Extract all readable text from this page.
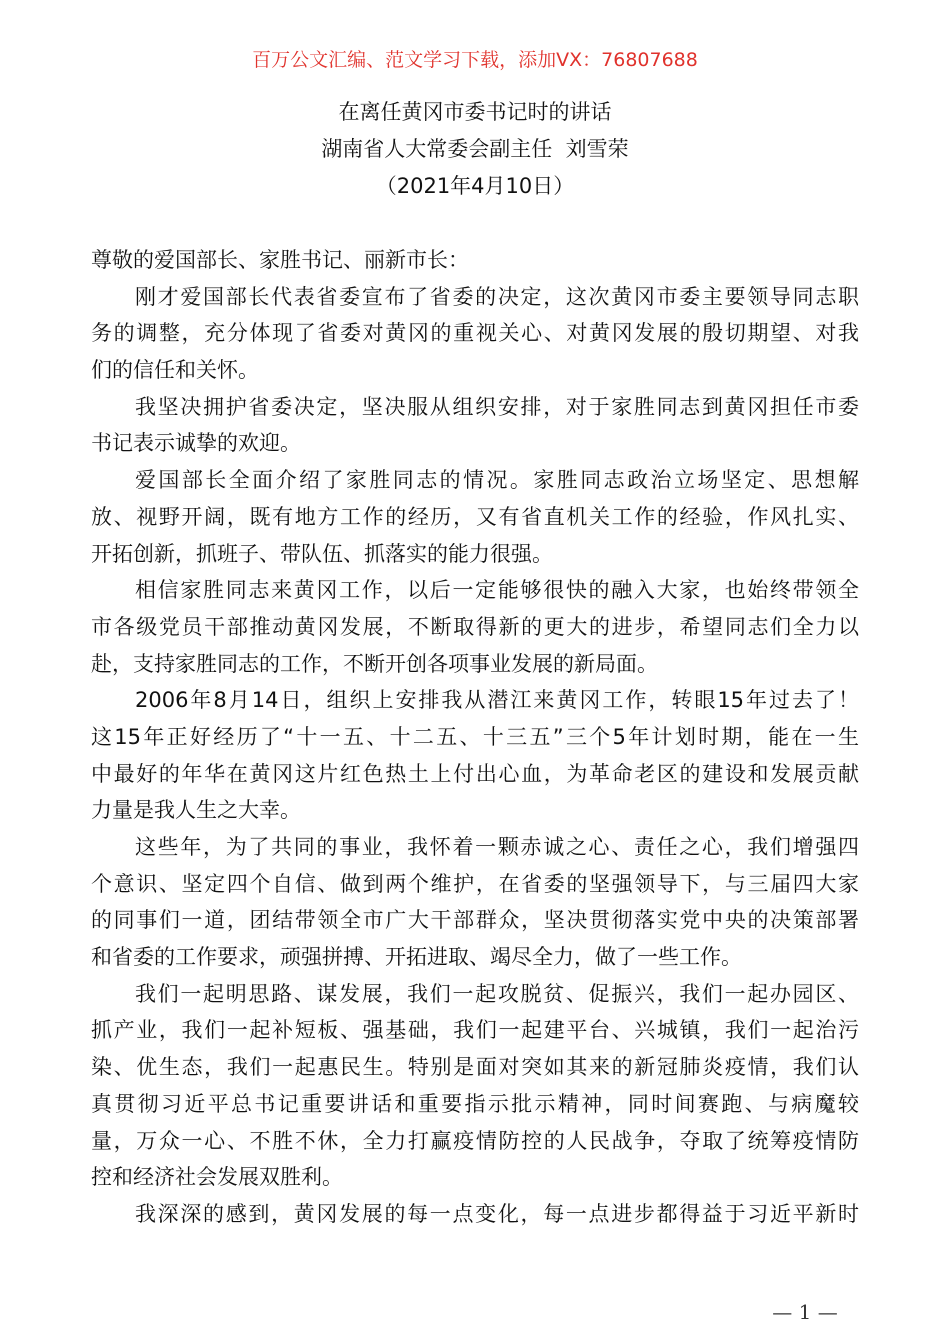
百万公文汇编、范文学习下载，添加VX：76807688
在离任黄冈市委书记时的讲话
湖南省人大常委会副主任  刘雪荣
（2021年4月10日）
尊敬的爱国部长、家胜书记、丽新市长：
刚才爱国部长代表省委宣布了省委的决定，这次黄冈市委主要领导同志职
务的调整，充分体现了省委对黄冈的重视关心、对黄冈发展的殷切期望、对我
们的信任和关怀。
我坚决拥护省委决定，坚决服从组织安排，对于家胜同志到黄冈担任市委
书记表示诚挚的欢迎。
爱国部长全面介绍了家胜同志的情况。家胜同志政治立场坚定、思想解
放、视野开阔，既有地方工作的经历，又有省直机关工作的经验，作风扎实、
开拓创新，抓班子、带队伍、抓落实的能力很强。
相信家胜同志来黄冈工作，以后一定能够很快的融入大家，也始终带领全
市各级党员干部推动黄冈发展，不断取得新的更大的进步，希望同志们全力以
赴，支持家胜同志的工作，不断开创各项事业发展的新局面。
2006年8月14日，组织上安排我从潜江来黄冈工作，转眼15年过去了！
这15年正好经历了“十一五、十二五、十三五”三个5年计划时期，能在一生
中最好的年华在黄冈这片红色热土上付出心血，为革命老区的建设和发展贡献
力量是我人生之大幸。
这些年，为了共同的事业，我怀着一颗赤诚之心、责任之心，我们增强四
个意识、坚定四个自信、做到两个维护，在省委的坚强领导下，与三届四大家
的同事们一道，团结带领全市广大干部群众，坚决贯彻落实党中央的决策部署
和省委的工作要求，顽强拼搏、开拓进取、竭尽全力，做了一些工作。
我们一起明思路、谋发展，我们一起攻脱贫、促振兴，我们一起办园区、
抓产业，我们一起补短板、强基础，我们一起建平台、兴城镇，我们一起治污
染、优生态，我们一起惠民生。特别是面对突如其来的新冠肺炎疫情，我们认
真贯彻习近平总书记重要讲话和重要指示批示精神，同时间赛跑、与病魔较
量，万众一心、不胜不休，全力打赢疫情防控的人民战争，夺取了统筹疫情防
控和经济社会发展双胜利。
我深深的感到，黄冈发展的每一点变化，每一点进步都得益于习近平新时
— 1 —
